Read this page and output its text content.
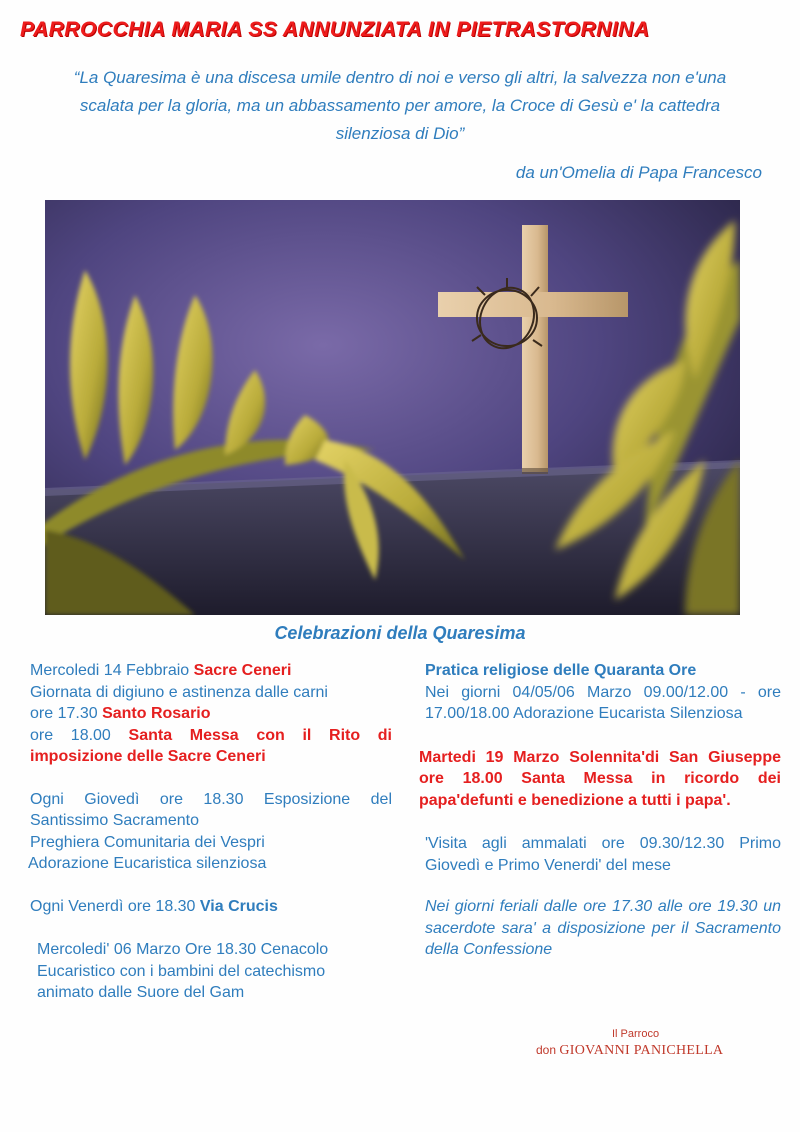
PARROCCHIA MARIA SS ANNUNZIATA IN PIETRASTORNINA
“La Quaresima è una discesa umile dentro di noi e verso gli altri, la salvezza non e'una
scalata per la gloria, ma un abbassamento per amore, la Croce di Gesù e' la cattedra
silenziosa di Dio”
da un'Omelia di Papa Francesco
Celebrazioni della Quaresima

Mercoledi 14 Febbraio Sacre Ceneri

Giornata di digiuno e astinenza dalle carni

ore 17.30 Santo Rosario

ore 18.00 Santa Messa con il Rito di imposizione delle Sacre Ceneri

Ogni Giovedì ore 18.30 Esposizione del Santissimo Sacramento

Preghiera Comunitaria dei Vespri

Adorazione Eucaristica silenziosa

Ogni Venerdì ore 18.30 Via Crucis

Mercoledi' 06 Marzo Ore 18.30 Cenacolo

Eucaristico con i bambini del catechismo

animato dalle Suore del Gam

Pratica religiose delle Quaranta Ore

Nei giorni 04/05/06 Marzo 09.00/12.00 - ore 17.00/18.00 Adorazione Eucarista Silenziosa

Martedi 19 Marzo Solennita'di San Giuseppe ore 18.00 Santa Messa in ricordo dei papa'defunti e benedizione a tutti i papa'.

'Visita agli ammalati ore 09.30/12.30 Primo Giovedì e Primo Venerdi' del mese

Nei giorni feriali dalle ore 17.30 alle ore 19.30 un sacerdote sara' a disposizione per il Sacramento della Confessione

Il Parroco
don GIOVANNI PANICHELLA
